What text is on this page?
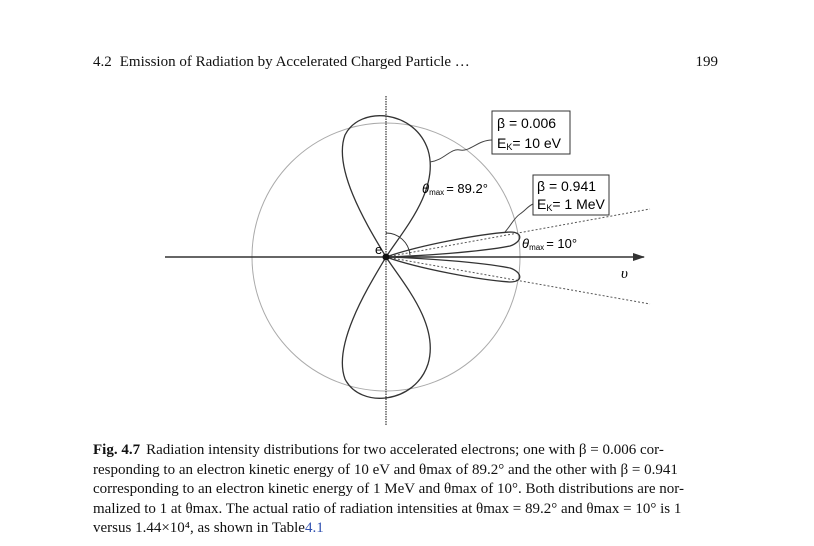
4.2 Emission of Radiation by Accelerated Charged Particle …	199
β = 0.006
EK= 10 eV
β = 0.941
EK= 1 MeV
θmax = 89.2°
θmax = 10°
e
υ
Fig. 4.7 Radiation intensity distributions for two accelerated electrons; one with β = 0.006 cor-
responding to an electron kinetic energy of 10 eV and θmax of 89.2° and the other with β = 0.941
corresponding to an electron kinetic energy of 1 MeV and θmax of 10°. Both distributions are nor-
malized to 1 at θmax. The actual ratio of radiation intensities at θmax = 89.2° and θmax = 10° is 1
versus 1.44×10⁴, as shown in Table4.1
